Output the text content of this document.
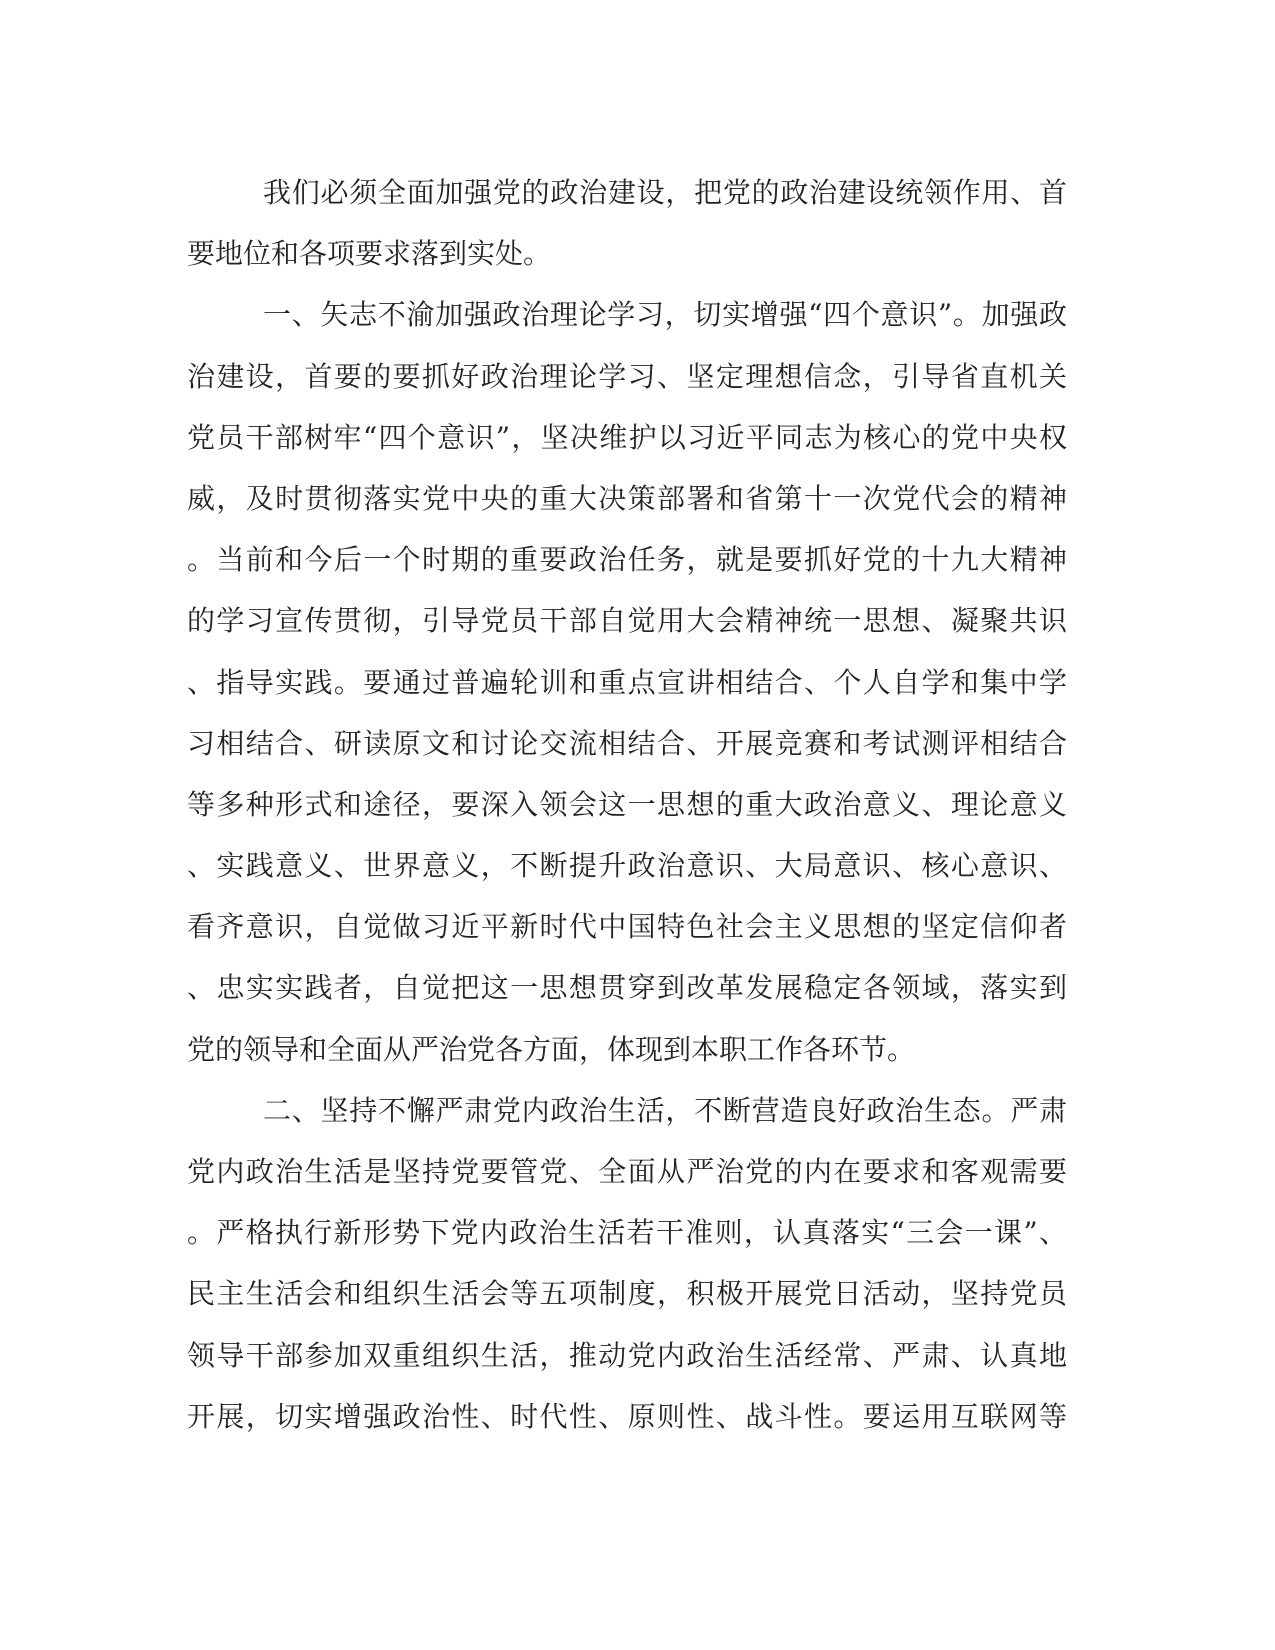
我们必须全面加强党的政治建设，把党的政治建设统领作用、首
要地位和各项要求落到实处。
一、矢志不渝加强政治理论学习，切实增强“四个意识”。加强政
治建设，首要的要抓好政治理论学习、坚定理想信念，引导省直机关
党员干部树牢“四个意识”，坚决维护以习近平同志为核心的党中央权
威，及时贯彻落实党中央的重大决策部署和省第十一次党代会的精神
。当前和今后一个时期的重要政治任务，就是要抓好党的十九大精神
的学习宣传贯彻，引导党员干部自觉用大会精神统一思想、凝聚共识
、指导实践。要通过普遍轮训和重点宣讲相结合、个人自学和集中学
习相结合、研读原文和讨论交流相结合、开展竞赛和考试测评相结合
等多种形式和途径，要深入领会这一思想的重大政治意义、理论意义
、实践意义、世界意义，不断提升政治意识、大局意识、核心意识、
看齐意识，自觉做习近平新时代中国特色社会主义思想的坚定信仰者
、忠实实践者，自觉把这一思想贯穿到改革发展稳定各领域，落实到
党的领导和全面从严治党各方面，体现到本职工作各环节。
二、坚持不懈严肃党内政治生活，不断营造良好政治生态。严肃
党内政治生活是坚持党要管党、全面从严治党的内在要求和客观需要
。严格执行新形势下党内政治生活若干准则，认真落实“三会一课”、
民主生活会和组织生活会等五项制度，积极开展党日活动，坚持党员
领导干部参加双重组织生活，推动党内政治生活经常、严肃、认真地
开展，切实增强政治性、时代性、原则性、战斗性。要运用互联网等
